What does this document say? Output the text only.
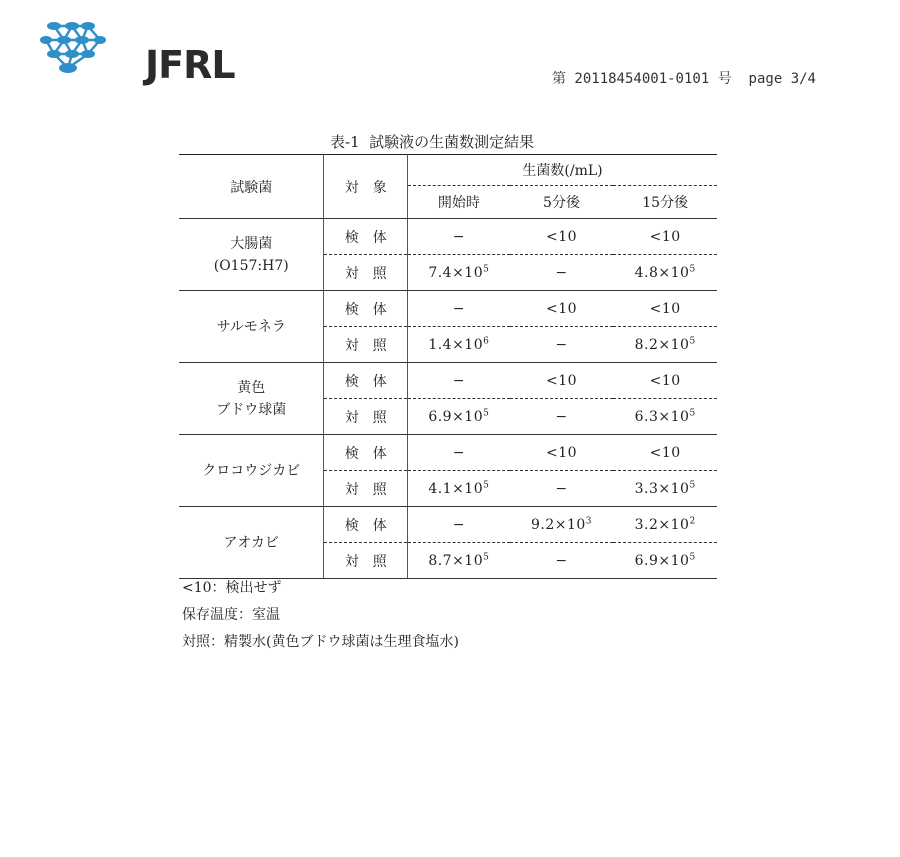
JFRL	第 20118454001-0101 号  page 3/4
表-1  試験液の生菌数測定結果
試験菌	対　象	生菌数(/mL)		
		開始時	5分後	15分後

大腸菌
(O157:H7)	検　体	−	<10	<10
	対　照	$7.4\times 10^5$	−	$4.8\times 10^5$

サルモネラ	検　体	−	<10	<10
	対　照	$1.4\times 10^6$	−	$8.2\times 10^5$

黄色
ブドウ球菌	検　体	−	<10	<10
	対　照	$6.9\times 10^5$	−	$6.3\times 10^5$

クロコウジカビ	検　体	−	<10	<10
	対　照	$4.1\times 10^5$	−	$3.3\times 10^5$

アオカビ	検　体	−	$9.2\times 10^3$	$3.2\times 10^2$
	対　照	$8.7\times 10^5$	−	$6.9\times 10^5$
<10：検出せず
保存温度：室温
対照：精製水(黄色ブドウ球菌は生理食塩水)
